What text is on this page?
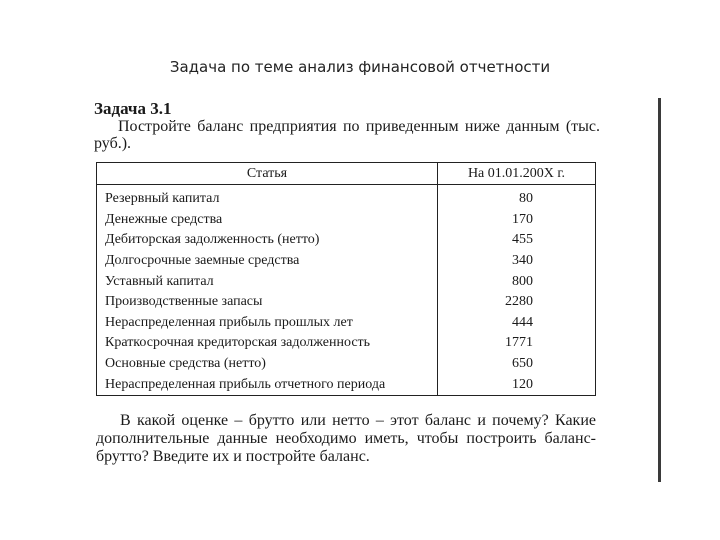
Задача по теме анализ финансовой отчетности
Задача 3.1
Постройте баланс предприятия по приведенным ниже данным (тыс. руб.).
Статья	На 01.01.200X г.
Резервный капитал	80
Денежные средства	170
Дебиторская задолженность (нетто)	455
Долгосрочные заемные средства	340
Уставный капитал	800
Производственные запасы	2280
Нераспределенная прибыль прошлых лет	444
Краткосрочная кредиторская задолженность	1771
Основные средства (нетто)	650
Нераспределенная прибыль отчетного периода	120
В какой оценке – брутто или нетто – этот баланс и почему? Какие дополнительные данные необходимо иметь, чтобы построить баланс-брутто? Введите их и постройте баланс.
